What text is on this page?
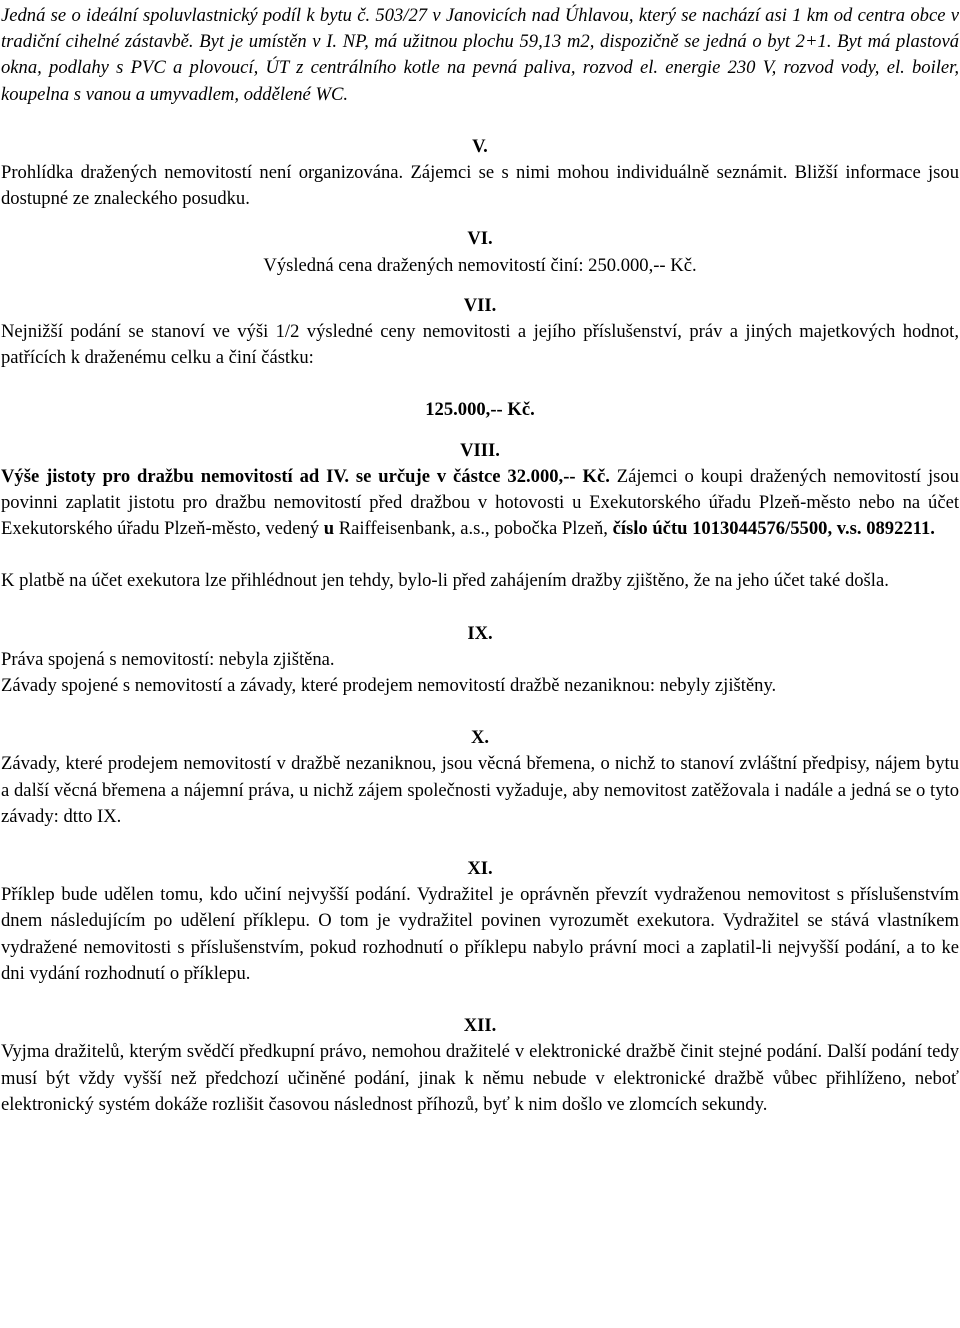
Jedná se o ideální spoluvlastnický podíl k bytu č. 503/27 v Janovicích nad Úhlavou, který se nachází asi 1 km od centra obce v tradiční cihelné zástavbě. Byt je umístěn v I. NP, má užitnou plochu 59,13 m2, dispozičně se jedná o byt 2+1. Byt má plastová okna, podlahy s PVC a plovoucí, ÚT z centrálního kotle na pevná paliva, rozvod el. energie 230 V, rozvod vody, el. boiler, koupelna s vanou a umyvadlem, oddělené WC.

V.

Prohlídka dražených nemovitostí není organizována. Zájemci se s nimi mohou individuálně seznámit. Bližší informace jsou dostupné ze znaleckého posudku.

VI.

Výsledná cena dražených nemovitostí činí: 250.000,-- Kč.

VII.

Nejnižší podání se stanoví ve výši 1/2 výsledné ceny nemovitosti a jejího příslušenství, práv a jiných majetkových hodnot, patřících k draženému celku a činí částku:

125.000,-- Kč.

VIII.

Výše jistoty pro dražbu nemovitostí ad IV. se určuje v částce 32.000,-- Kč. Zájemci o koupi dražených nemovitostí jsou povinni zaplatit jistotu pro dražbu nemovitostí před dražbou v hotovosti u Exekutorského úřadu Plzeň-město nebo na účet Exekutorského úřadu Plzeň-město, vedený u Raiffeisenbank, a.s., pobočka Plzeň, číslo účtu 1013044576/5500, v.s. 0892211.

K platbě na účet exekutora lze přihlédnout jen tehdy, bylo-li před zahájením dražby zjištěno, že na jeho účet také došla.

IX.

Práva spojená s nemovitostí: nebyla zjištěna.

Závady spojené s nemovitostí a závady, které prodejem nemovitostí dražbě nezaniknou: nebyly zjištěny.

X.

Závady, které prodejem nemovitostí v dražbě nezaniknou, jsou věcná břemena, o nichž to stanoví zvláštní předpisy, nájem bytu a další věcná břemena a nájemní práva, u nichž zájem společnosti vyžaduje, aby nemovitost zatěžovala i nadále a jedná se o tyto závady: dtto IX.

XI.

Příklep bude udělen tomu, kdo učiní nejvyšší podání. Vydražitel je oprávněn převzít vydraženou nemovitost s příslušenstvím dnem následujícím po udělení příklepu. O tom je vydražitel povinen vyrozumět exekutora. Vydražitel se stává vlastníkem vydražené nemovitosti s příslušenstvím, pokud rozhodnutí o příklepu nabylo právní moci a zaplatil-li nejvyšší podání, a to ke dni vydání rozhodnutí o příklepu.

XII.

Vyjma dražitelů, kterým svědčí předkupní právo, nemohou dražitelé v elektronické dražbě činit stejné podání. Další podání tedy musí být vždy vyšší než předchozí učiněné podání, jinak k němu nebude v elektronické dražbě vůbec přihlíženo, neboť elektronický systém dokáže rozlišit časovou následnost příhozů, byť k nim došlo ve zlomcích sekundy.
